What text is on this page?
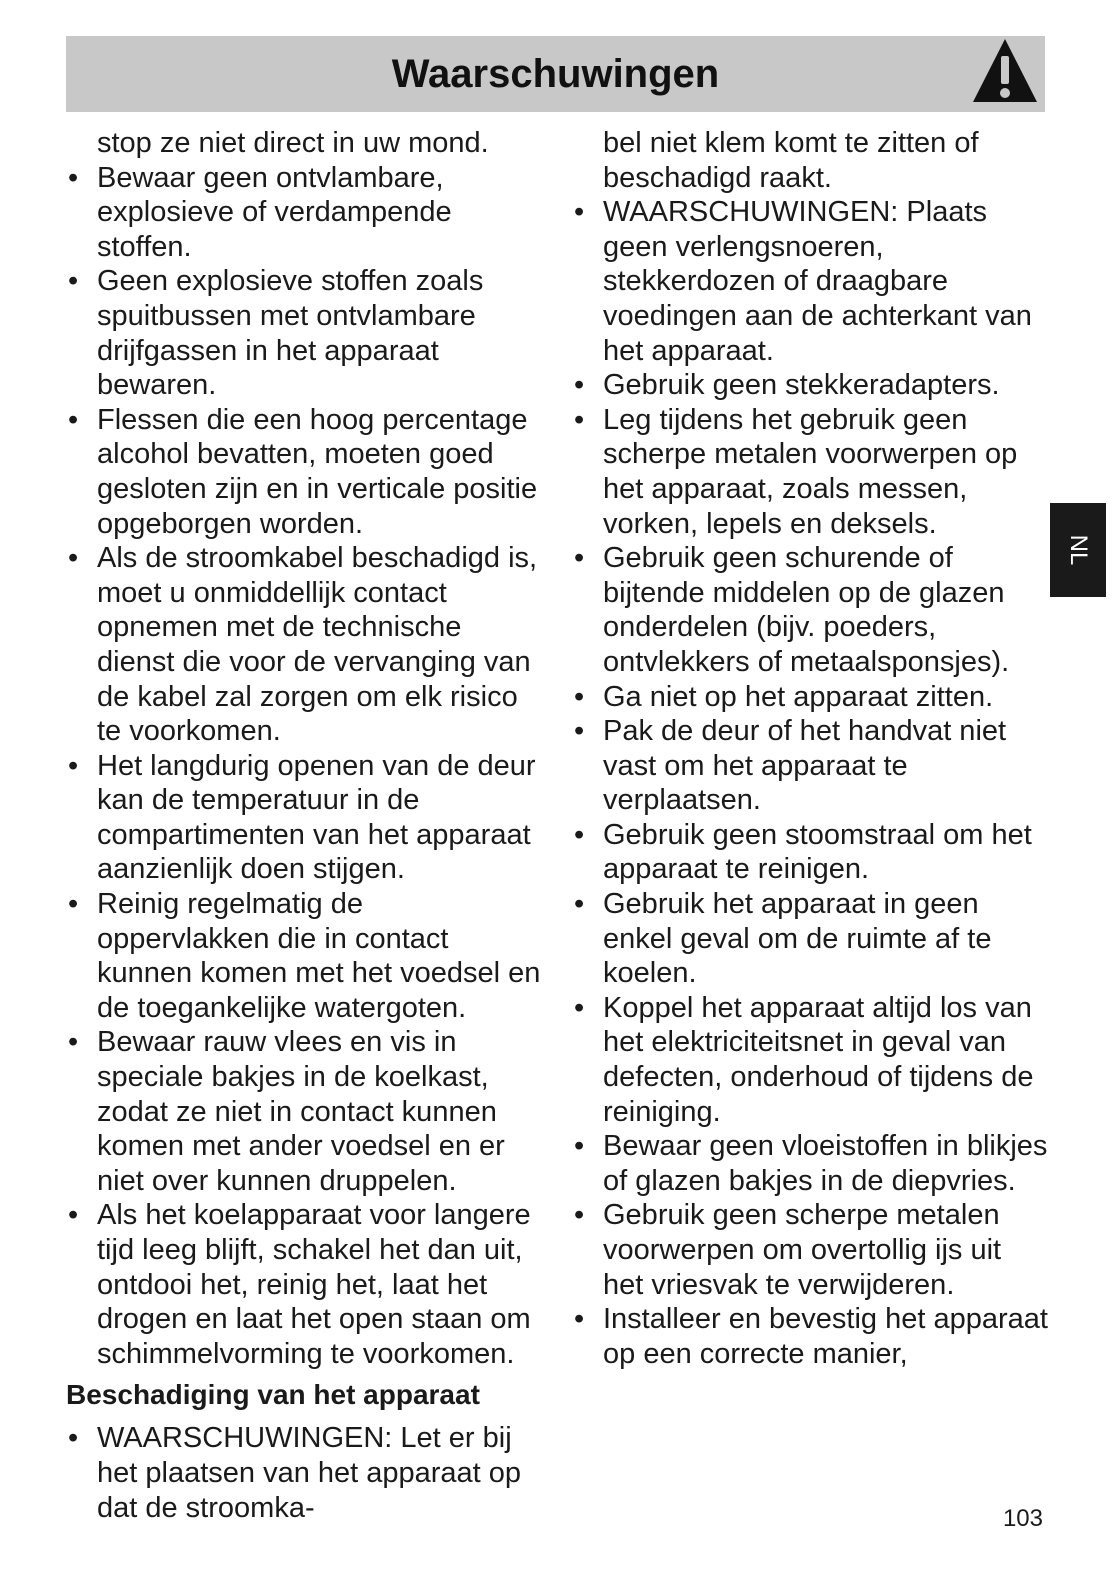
Waarschuwingen
stop ze niet direct in uw mond.
• Bewaar geen ontvlambare, explosieve of verdampende stoffen.
• Geen explosieve stoffen zoals spuitbussen met ontvlambare drijfgassen in het apparaat bewaren.
• Flessen die een hoog percentage alcohol bevatten, moeten goed gesloten zijn en in verticale positie opgeborgen worden.
• Als de stroomkabel beschadigd is, moet u onmiddellijk contact opnemen met de technische dienst die voor de vervanging van de kabel zal zorgen om elk risico te voorkomen.
• Het langdurig openen van de deur kan de temperatuur in de compartimenten van het apparaat aanzienlijk doen stijgen.
• Reinig regelmatig de oppervlakken die in contact kunnen komen met het voedsel en de toegankelijke watergoten.
• Bewaar rauw vlees en vis in speciale bakjes in de koelkast, zodat ze niet in contact kunnen komen met ander voedsel en er niet over kunnen druppelen.
• Als het koelapparaat voor langere tijd leeg blijft, schakel het dan uit, ontdooi het, reinig het, laat het drogen en laat het open staan om schimmelvorming te voorkomen.
Beschadiging van het apparaat
• WAARSCHUWINGEN: Let er bij het plaatsen van het apparaat op dat de stroomka-
bel niet klem komt te zitten of beschadigd raakt.
• WAARSCHUWINGEN: Plaats geen verlengsnoeren, stekkerdozen of draagbare voedingen aan de achterkant van het apparaat.
• Gebruik geen stekkeradapters.
• Leg tijdens het gebruik geen scherpe metalen voorwerpen op het apparaat, zoals messen, vorken, lepels en deksels.
• Gebruik geen schurende of bijtende middelen op de glazen onderdelen (bijv. poeders, ontvlekkers of metaalsponsjes).
• Ga niet op het apparaat zitten.
• Pak de deur of het handvat niet vast om het apparaat te verplaatsen.
• Gebruik geen stoomstraal om het apparaat te reinigen.
• Gebruik het apparaat in geen enkel geval om de ruimte af te koelen.
• Koppel het apparaat altijd los van het elektriciteitsnet in geval van defecten, onderhoud of tijdens de reiniging.
• Bewaar geen vloeistoffen in blikjes of glazen bakjes in de diepvries.
• Gebruik geen scherpe metalen voorwerpen om overtollig ijs uit het vriesvak te verwijderen.
• Installeer en bevestig het apparaat op een correcte manier,
NL
103
